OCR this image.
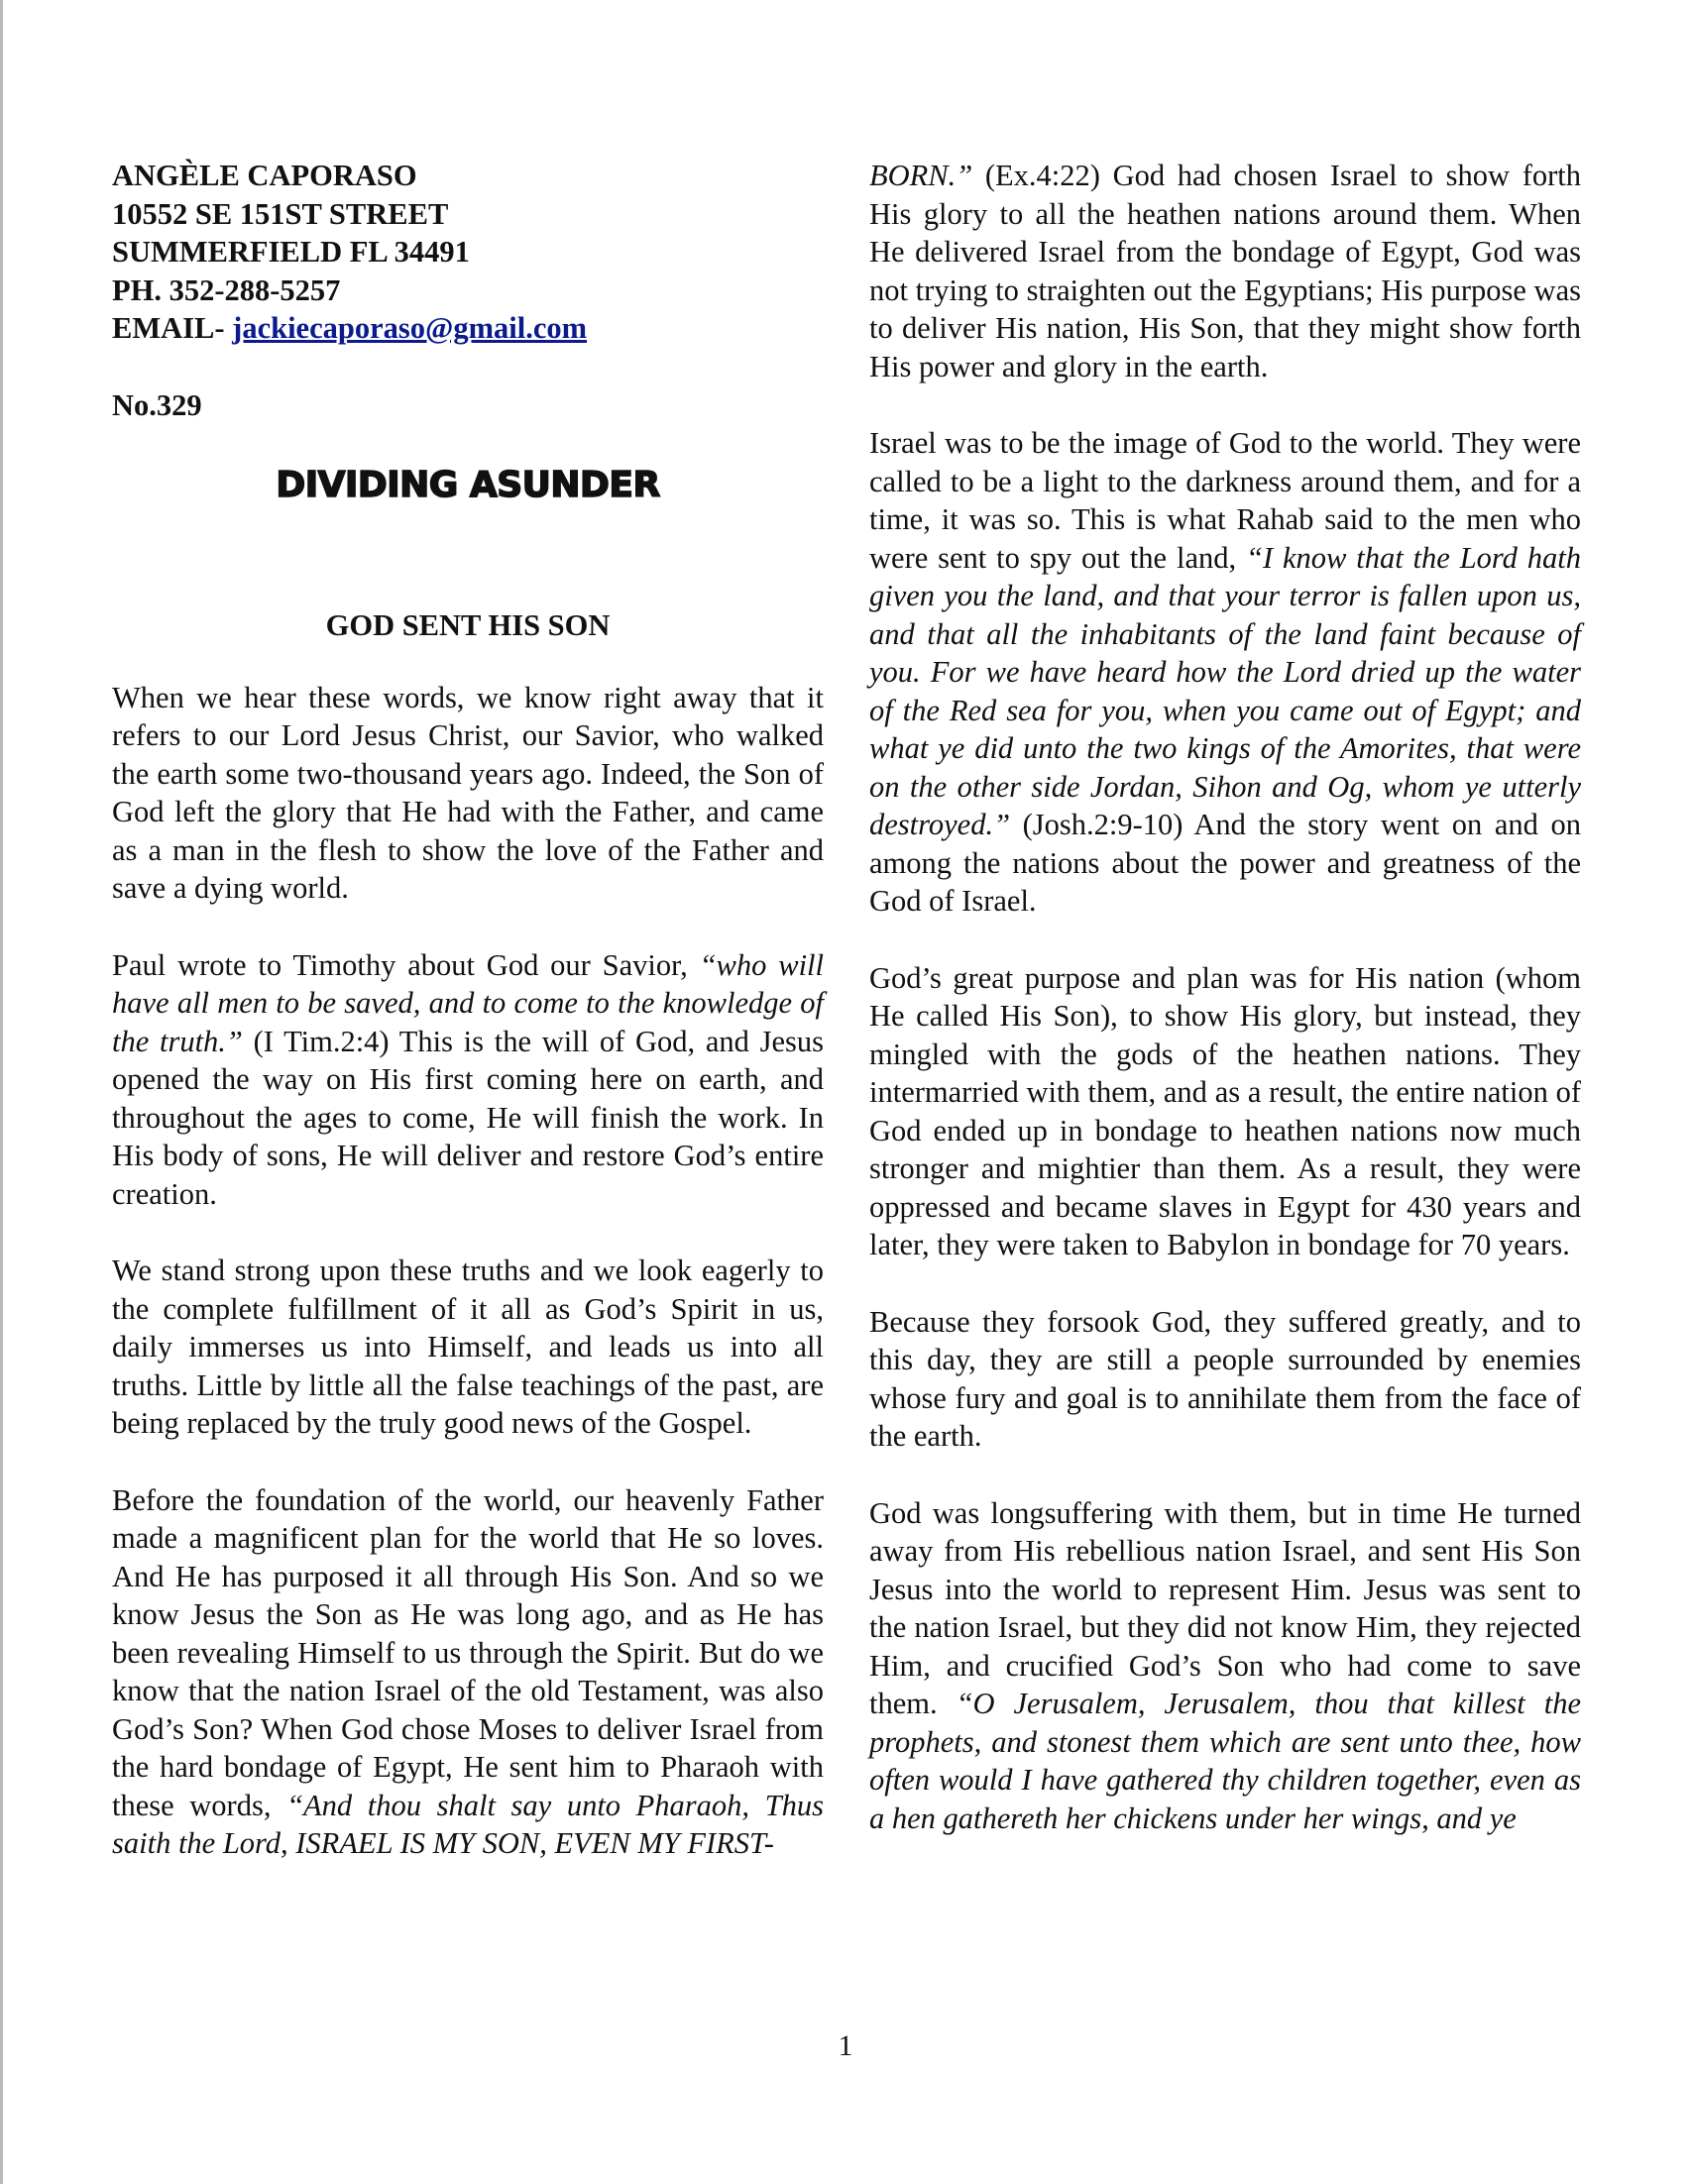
ANGÈLE CAPORASO
10552 SE 151ST STREET
SUMMERFIELD FL 34491
PH. 352-288-5257
EMAIL- jackiecaporaso@gmail.com
No.329
DIVIDING ASUNDER
GOD SENT HIS SON

When we hear these words, we know right away that it refers to our Lord Jesus Christ, our Savior, who walked the earth some two-thousand years ago. Indeed, the Son of God left the glory that He had with the Father, and came as a man in the flesh to show the love of the Father and save a dying world.

Paul wrote to Timothy about God our Savior, “who will have all men to be saved, and to come to the knowledge of the truth.” (I Tim.2:4) This is the will of God, and Jesus opened the way on His first coming here on earth, and throughout the ages to come, He will finish the work. In His body of sons, He will deliver and restore God’s entire creation.

We stand strong upon these truths and we look eagerly to the complete fulfillment of it all as God’s Spirit in us, daily immerses us into Himself, and leads us into all truths. Little by little all the false teachings of the past, are being replaced by the truly good news of the Gospel.

Before the foundation of the world, our heavenly Father made a magnificent plan for the world that He so loves. And He has purposed it all through His Son. And so we know Jesus the Son as He was long ago, and as He has been revealing Himself to us through the Spirit. But do we know that the nation Israel of the old Testament, was also God’s Son? When God chose Moses to deliver Israel from the hard bondage of Egypt, He sent him to Pharaoh with these words, “And thou shalt say unto Pharaoh, Thus saith the Lord, ISRAEL IS MY SON, EVEN MY FIRST-

BORN.” (Ex.4:22) God had chosen Israel to show forth His glory to all the heathen nations around them. When He delivered Israel from the bondage of Egypt, God was not trying to straighten out the Egyptians; His purpose was to deliver His nation, His Son, that they might show forth His power and glory in the earth.

Israel was to be the image of God to the world. They were called to be a light to the darkness around them, and for a time, it was so. This is what Rahab said to the men who were sent to spy out the land, “I know that the Lord hath given you the land, and that your terror is fallen upon us, and that all the inhabitants of the land faint because of you. For we have heard how the Lord dried up the water of the Red sea for you, when you came out of Egypt; and what ye did unto the two kings of the Amorites, that were on the other side Jordan, Sihon and Og, whom ye utterly destroyed.” (Josh.2:9-10) And the story went on and on among the nations about the power and greatness of the God of Israel.

God’s great purpose and plan was for His nation (whom He called His Son), to show His glory, but instead, they mingled with the gods of the heathen nations. They intermarried with them, and as a result, the entire nation of God ended up in bondage to heathen nations now much stronger and mightier than them. As a result, they were oppressed and became slaves in Egypt for 430 years and later, they were taken to Babylon in bondage for 70 years.

Because they forsook God, they suffered greatly, and to this day, they are still a people surrounded by enemies whose fury and goal is to annihilate them from the face of the earth.

God was longsuffering with them, but in time He turned away from His rebellious nation Israel, and sent His Son Jesus into the world to represent Him. Jesus was sent to the nation Israel, but they did not know Him, they rejected Him, and crucified God’s Son who had come to save them. “O Jerusalem, Jerusalem, thou that killest the prophets, and stonest them which are sent unto thee, how often would I have gathered thy children together, even as a hen gathereth her chickens under her wings, and ye

1
